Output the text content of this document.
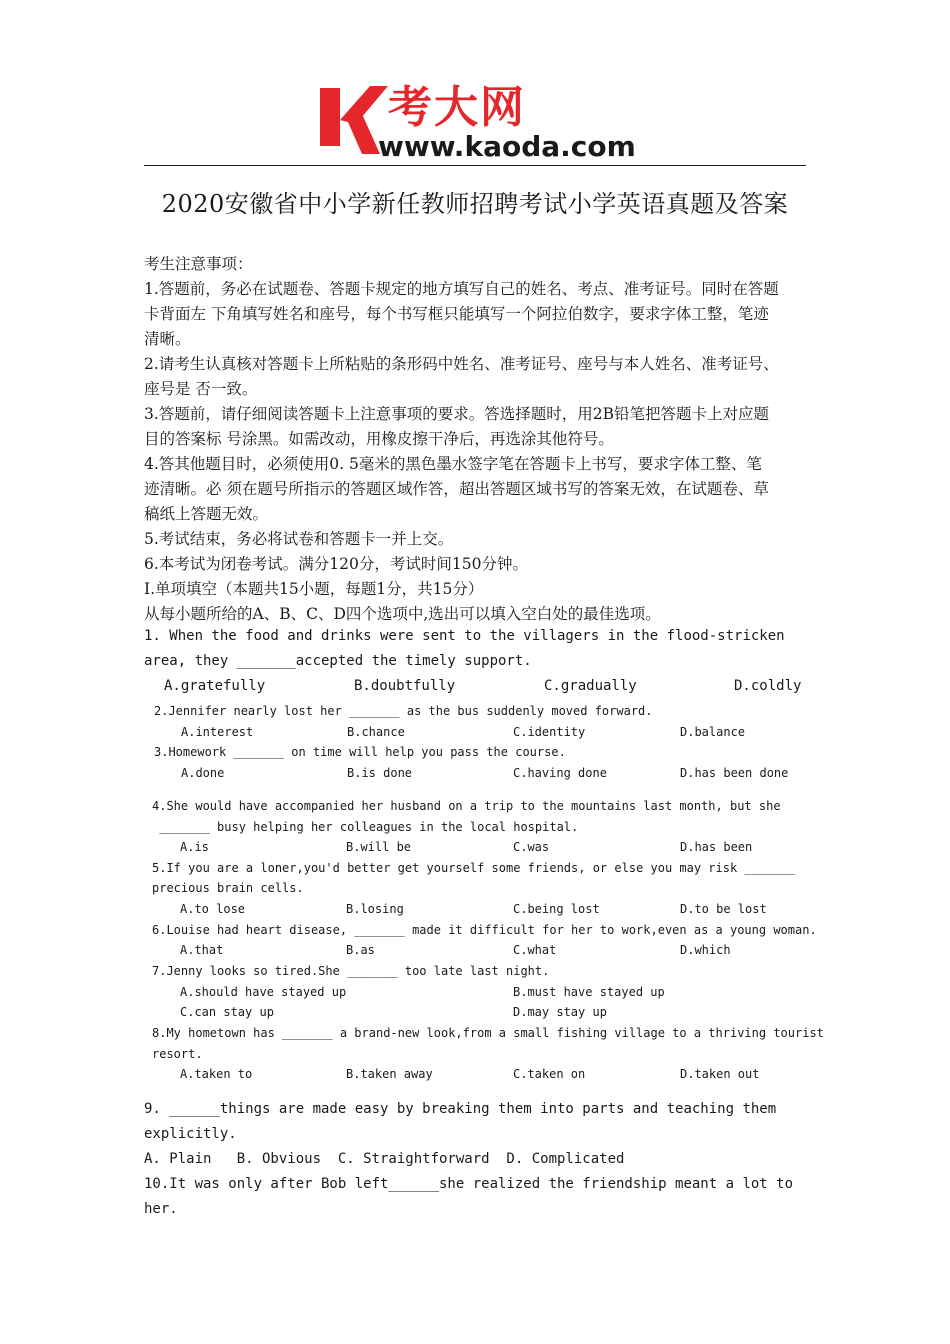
考大网
www.kaoda.com
2020安徽省中小学新任教师招聘考试小学英语真题及答案
考生注意事项：
1.答题前，务必在试题卷、答题卡规定的地方填写自己的姓名、考点、准考证号。同时在答题
卡背面左 下角填写姓名和座号，每个书写框只能填写一个阿拉伯数字，要求字体工整，笔迹
清晰。
2.请考生认真核对答题卡上所粘贴的条形码中姓名、准考证号、座号与本人姓名、准考证号、
座号是 否一致。
3.答题前，请仔细阅读答题卡上注意事项的要求。答选择题时，用2B铅笔把答题卡上对应题
目的答案标 号涂黑。如需改动，用橡皮擦干净后，再选涂其他符号。
4.答其他题目时，必须使用0. 5毫米的黑色墨水签字笔在答题卡上书写，要求字体工整、笔
迹清晰。必 须在题号所指示的答题区域作答，超出答题区域书写的答案无效，在试题卷、草
稿纸上答题无效。
5.考试结束，务必将试卷和答题卡一并上交。
6.本考试为闭卷考试。满分120分，考试时间150分钟。
I.单项填空（本题共15小题，每题1分，共15分）
从每小题所给的A、B、C、D四个选项中,选出可以填入空白处的最佳选项。
1. When the food and drinks were sent to the villagers in the flood-stricken
area, they _______accepted the timely support.
A.gratefully	B.doubtfully	C.gradually	D.coldly
2.Jennifer nearly lost her _______ as the bus suddenly moved forward.
A.interest	B.chance	C.identity	D.balance
3.Homework _______ on time will help you pass the course.
A.done	B.is done	C.having done	D.has been done
4.She would have accompanied her husband on a trip to the mountains last month, but she
_______ busy helping her colleagues in the local hospital.
A.is	B.will be	C.was	D.has been
5.If you are a loner,you'd better get yourself some friends, or else you may risk _______
precious brain cells.
A.to lose	B.losing	C.being lost	D.to be lost
6.Louise had heart disease, _______ made it difficult for her to work,even as a young woman.
A.that	B.as	C.what	D.which
7.Jenny looks so tired.She _______ too late last night.
A.should have stayed up	B.must have stayed up
C.can stay up	D.may stay up
8.My hometown has _______ a brand-new look,from a small fishing village to a thriving tourist
resort.
A.taken to	B.taken away	C.taken on	D.taken out
9. ______things are made easy by breaking them into parts and teaching them
explicitly.
A. Plain   B. Obvious  C. Straightforward  D. Complicated
10.It was only after Bob left______she realized the friendship meant a lot to
her.
